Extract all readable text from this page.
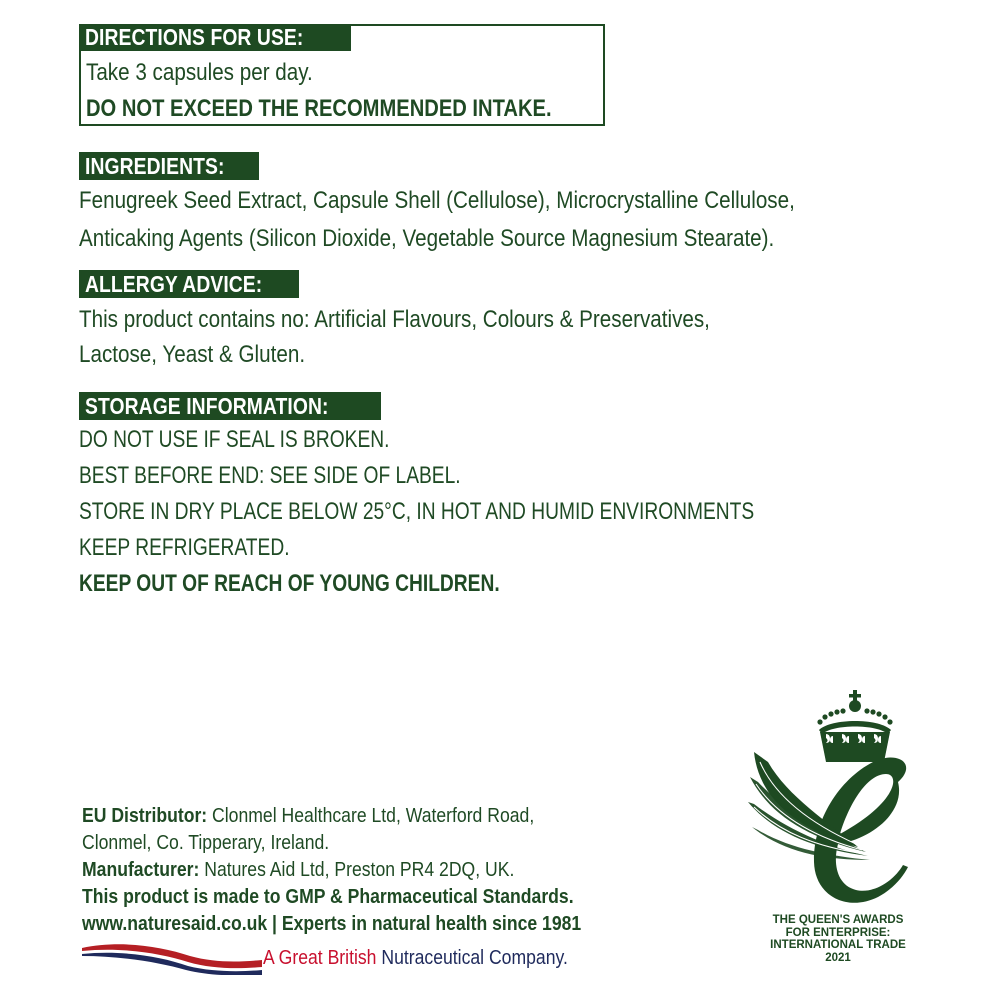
DIRECTIONS FOR USE:
Take 3 capsules per day.
DO NOT EXCEED THE RECOMMENDED INTAKE.
INGREDIENTS:
Fenugreek Seed Extract, Capsule Shell (Cellulose), Microcrystalline Cellulose,
Anticaking Agents (Silicon Dioxide, Vegetable Source Magnesium Stearate).
ALLERGY ADVICE:
This product contains no: Artificial Flavours, Colours & Preservatives,
Lactose, Yeast & Gluten.
STORAGE INFORMATION:
DO NOT USE IF SEAL IS BROKEN.
BEST BEFORE END: SEE SIDE OF LABEL.
STORE IN DRY PLACE BELOW 25°C, IN HOT AND HUMID ENVIRONMENTS
KEEP REFRIGERATED.
KEEP OUT OF REACH OF YOUNG CHILDREN.
EU Distributor: Clonmel Healthcare Ltd, Waterford Road,
Clonmel, Co. Tipperary, Ireland.
Manufacturer: Natures Aid Ltd, Preston PR4 2DQ, UK.
This product is made to GMP & Pharmaceutical Standards.
www.naturesaid.co.uk | Experts in natural health since 1981
A Great British Nutraceutical Company.
THE QUEEN'S AWARDS
FOR ENTERPRISE:
INTERNATIONAL TRADE
2021
